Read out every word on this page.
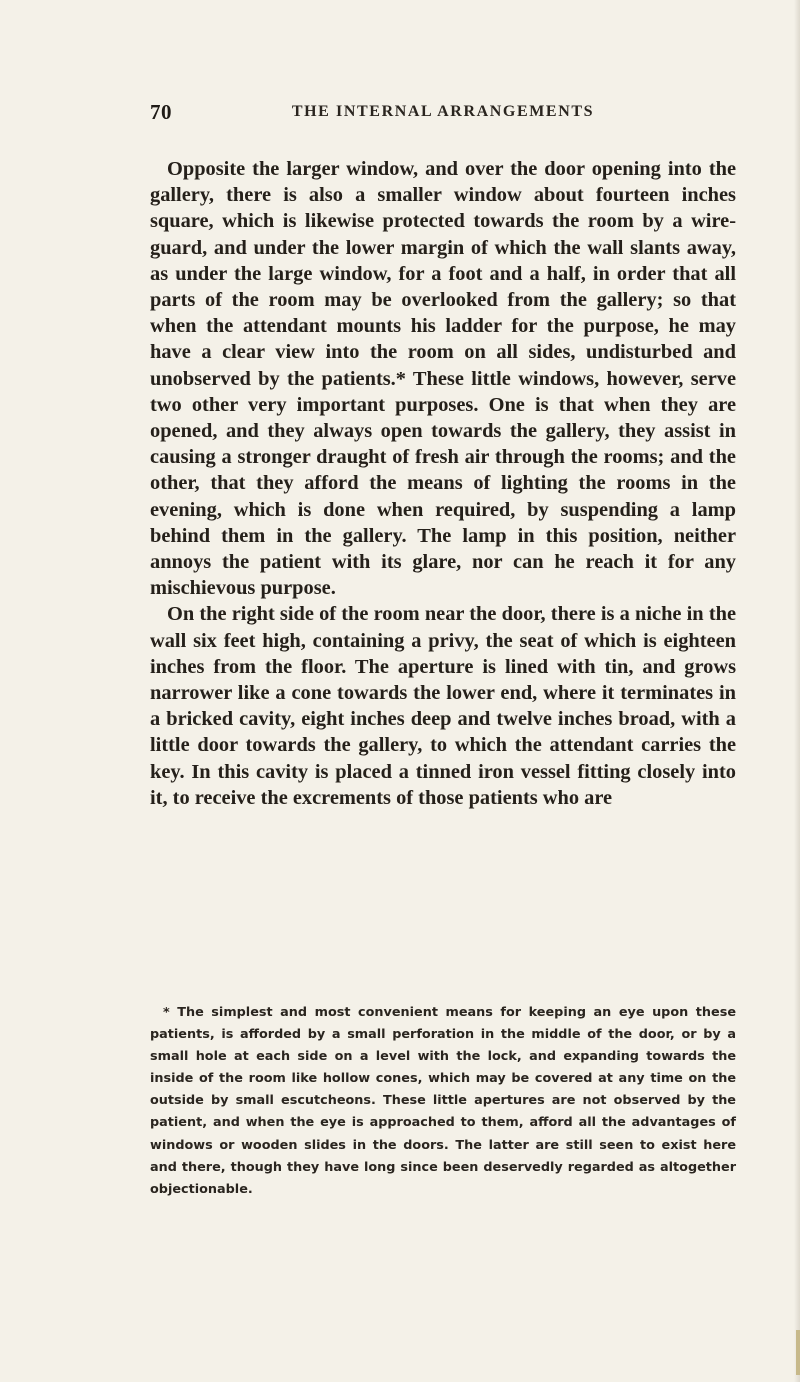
70	THE INTERNAL ARRANGEMENTS

Opposite the larger window, and over the door opening into the gallery, there is also a smaller window about fourteen inches square, which is likewise protected towards the room by a wire-guard, and under the lower margin of which the wall slants away, as under the large window, for a foot and a half, in order that all parts of the room may be overlooked from the gallery; so that when the attendant mounts his ladder for the purpose, he may have a clear view into the room on all sides, undisturbed and unobserved by the patients.* These little windows, however, serve two other very important purposes. One is that when they are opened, and they always open towards the gallery, they assist in causing a stronger draught of fresh air through the rooms; and the other, that they afford the means of lighting the rooms in the evening, which is done when required, by suspending a lamp behind them in the gallery. The lamp in this position, neither annoys the patient with its glare, nor can he reach it for any mischievous purpose.

On the right side of the room near the door, there is a niche in the wall six feet high, containing a privy, the seat of which is eighteen inches from the floor. The aperture is lined with tin, and grows narrower like a cone towards the lower end, where it terminates in a bricked cavity, eight inches deep and twelve inches broad, with a little door towards the gallery, to which the attendant carries the key. In this cavity is placed a tinned iron vessel fitting closely into it, to receive the excrements of those patients who are

* The simplest and most convenient means for keeping an eye upon these patients, is afforded by a small perforation in the middle of the door, or by a small hole at each side on a level with the lock, and expanding towards the inside of the room like hollow cones, which may be covered at any time on the outside by small escutcheons. These little apertures are not observed by the patient, and when the eye is approached to them, afford all the advantages of windows or wooden slides in the doors. The latter are still seen to exist here and there, though they have long since been deservedly regarded as altogether objectionable.
